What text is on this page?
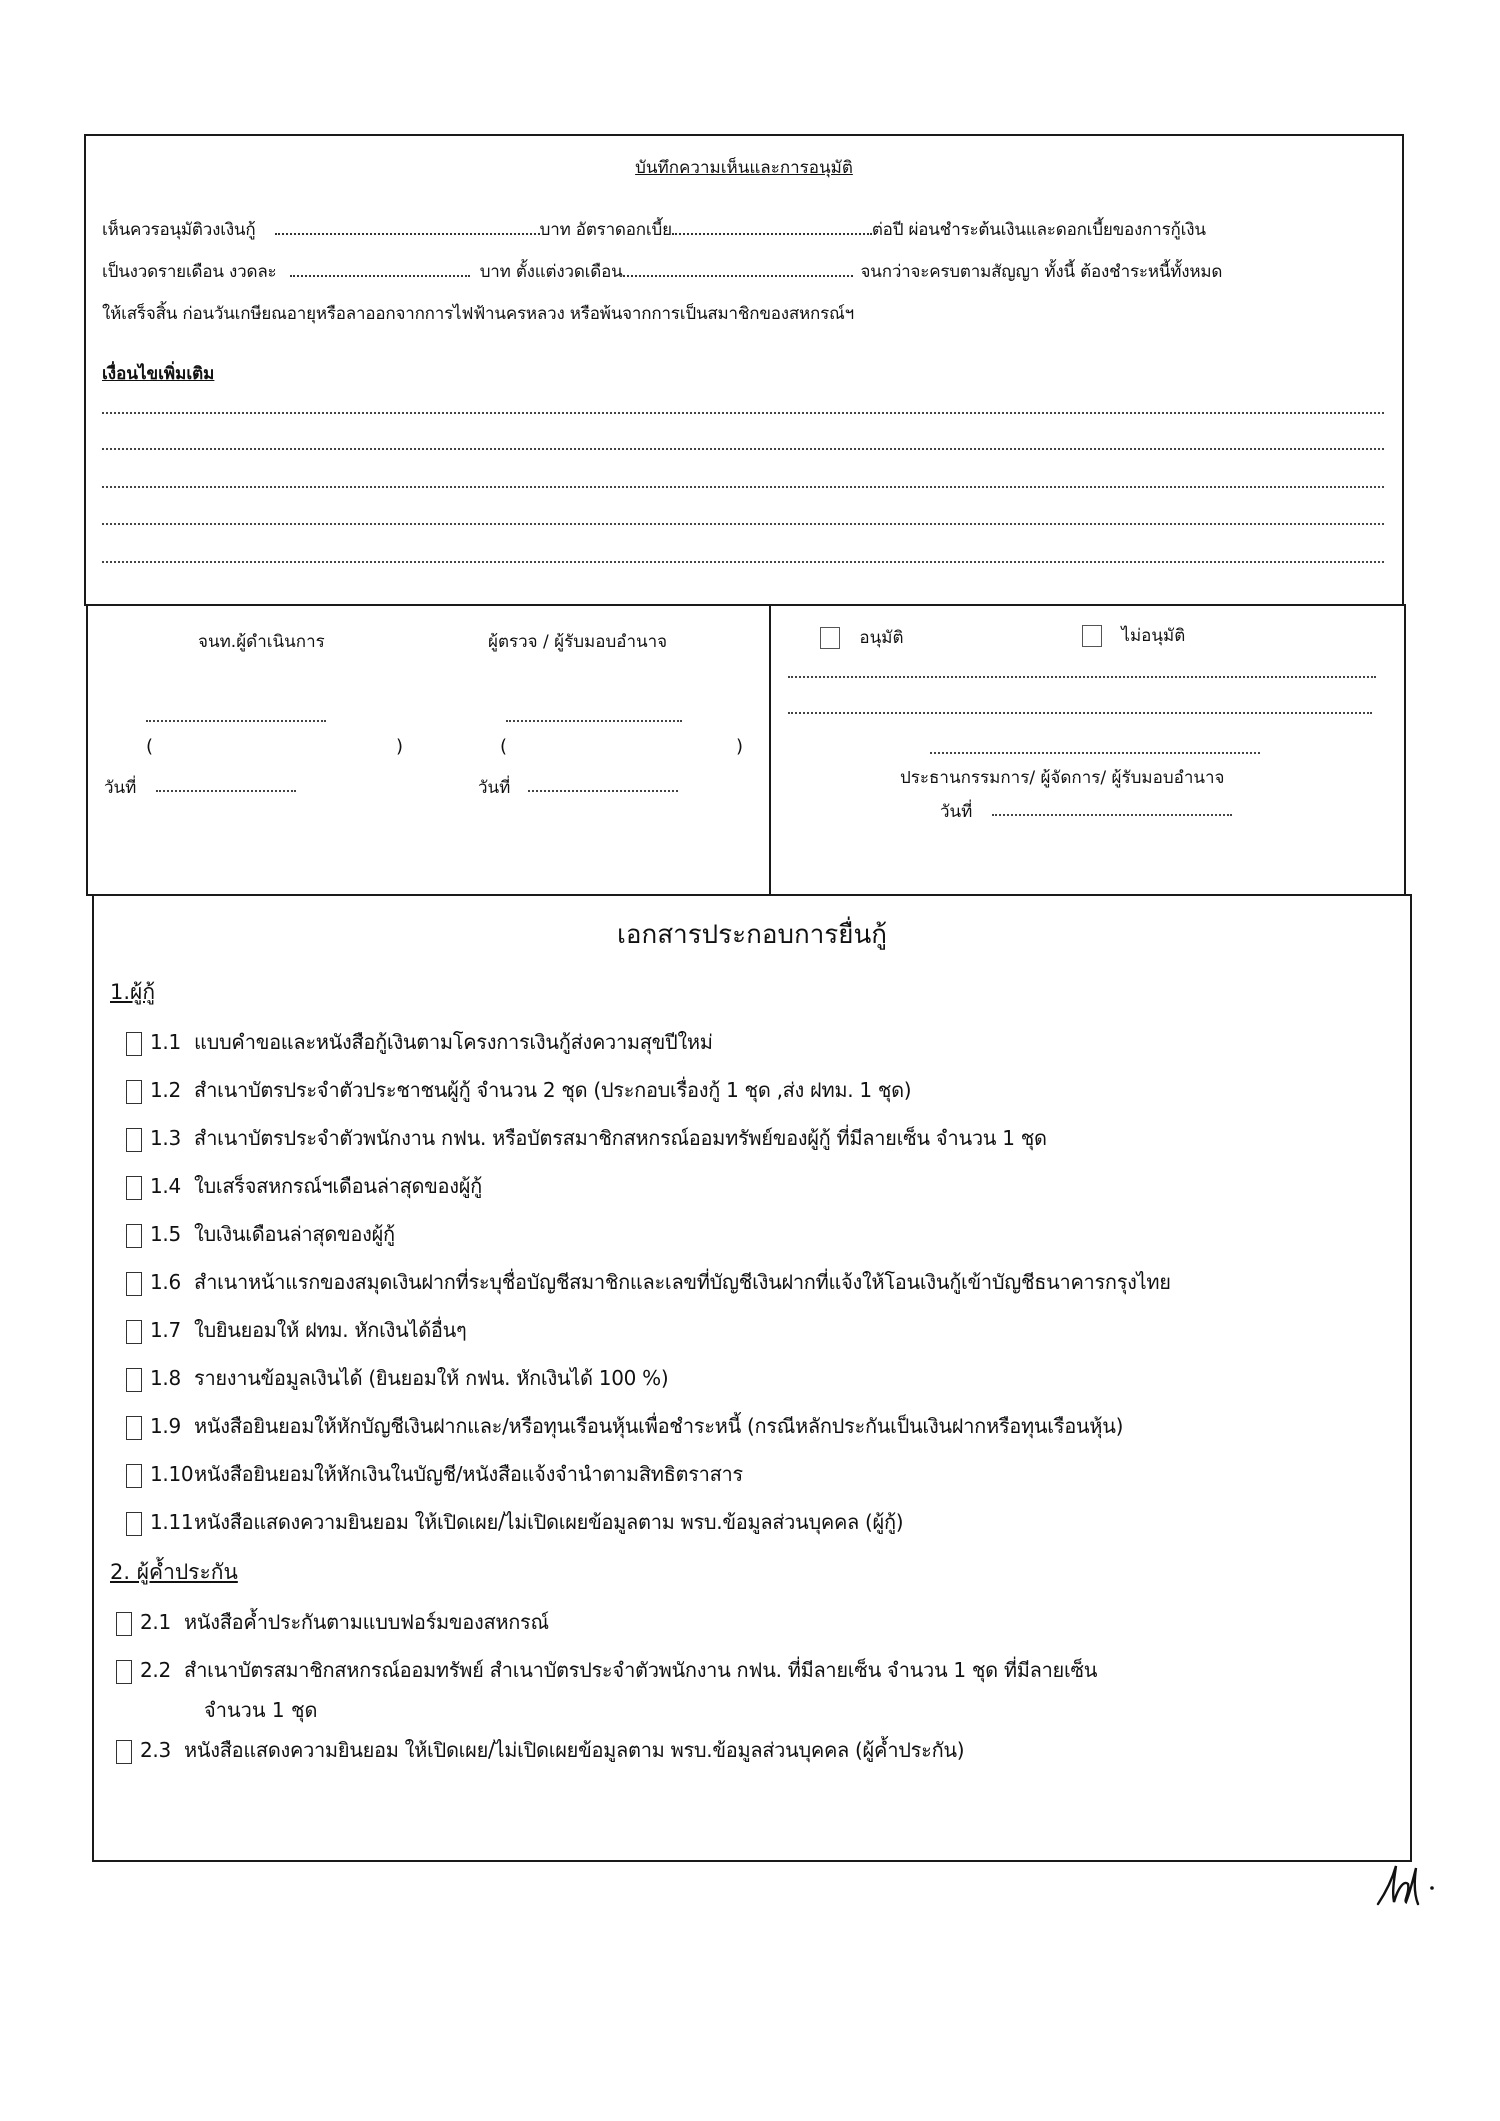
บันทึกความเห็นและการอนุมัติ
เห็นควรอนุมัติวงเงินกู้	บาท อัตราดอกเบี้ย	ต่อปี ผ่อนชำระต้นเงินและดอกเบี้ยของการกู้เงิน
เป็นงวดรายเดือน งวดละ	บาท ตั้งแต่งวดเดือน	จนกว่าจะครบตามสัญญา ทั้งนี้ ต้องชำระหนี้ทั้งหมด
ให้เสร็จสิ้น ก่อนวันเกษียณอายุหรือลาออกจากการไฟฟ้านครหลวง หรือพ้นจากการเป็นสมาชิกของสหกรณ์ฯ
เงื่อนไขเพิ่มเติม
จนท.ผู้ดำเนินการ
(	)
วันที่
ผู้ตรวจ / ผู้รับมอบอำนาจ
(	)
วันที่
อนุมัติ	ไม่อนุมัติ
ประธานกรรมการ/ ผู้จัดการ/ ผู้รับมอบอำนาจ
วันที่
เอกสารประกอบการยื่นกู้
1.ผู้กู้
1.1 แบบคำขอและหนังสือกู้เงินตามโครงการเงินกู้ส่งความสุขปีใหม่
1.2 สำเนาบัตรประจำตัวประชาชนผู้กู้ จำนวน 2 ชุด (ประกอบเรื่องกู้ 1 ชุด ,ส่ง ฝทม. 1 ชุด)
1.3 สำเนาบัตรประจำตัวพนักงาน กฟน. หรือบัตรสมาชิกสหกรณ์ออมทรัพย์ของผู้กู้ ที่มีลายเซ็น จำนวน 1 ชุด
1.4 ใบเสร็จสหกรณ์ฯเดือนล่าสุดของผู้กู้
1.5 ใบเงินเดือนล่าสุดของผู้กู้
1.6 สำเนาหน้าแรกของสมุดเงินฝากที่ระบุชื่อบัญชีสมาชิกและเลขที่บัญชีเงินฝากที่แจ้งให้โอนเงินกู้เข้าบัญชีธนาคารกรุงไทย
1.7 ใบยินยอมให้ ฝทม. หักเงินได้อื่นๆ
1.8 รายงานข้อมูลเงินได้ (ยินยอมให้ กฟน. หักเงินได้ 100 %)
1.9 หนังสือยินยอมให้หักบัญชีเงินฝากและ/หรือทุนเรือนหุ้นเพื่อชำระหนี้ (กรณีหลักประกันเป็นเงินฝากหรือทุนเรือนหุ้น)
1.10หนังสือยินยอมให้หักเงินในบัญชี/หนังสือแจ้งจำนำตามสิทธิตราสาร
1.11หนังสือแสดงความยินยอม ให้เปิดเผย/ไม่เปิดเผยข้อมูลตาม พรบ.ข้อมูลส่วนบุคคล (ผู้กู้)
2. ผู้ค้ำประกัน
2.1 หนังสือค้ำประกันตามแบบฟอร์มของสหกรณ์
2.2 สำเนาบัตรสมาชิกสหกรณ์ออมทรัพย์ สำเนาบัตรประจำตัวพนักงาน กฟน. ที่มีลายเซ็น จำนวน 1 ชุด ที่มีลายเซ็น
จำนวน 1 ชุด
2.3 หนังสือแสดงความยินยอม ให้เปิดเผย/ไม่เปิดเผยข้อมูลตาม พรบ.ข้อมูลส่วนบุคคล (ผู้ค้ำประกัน)
